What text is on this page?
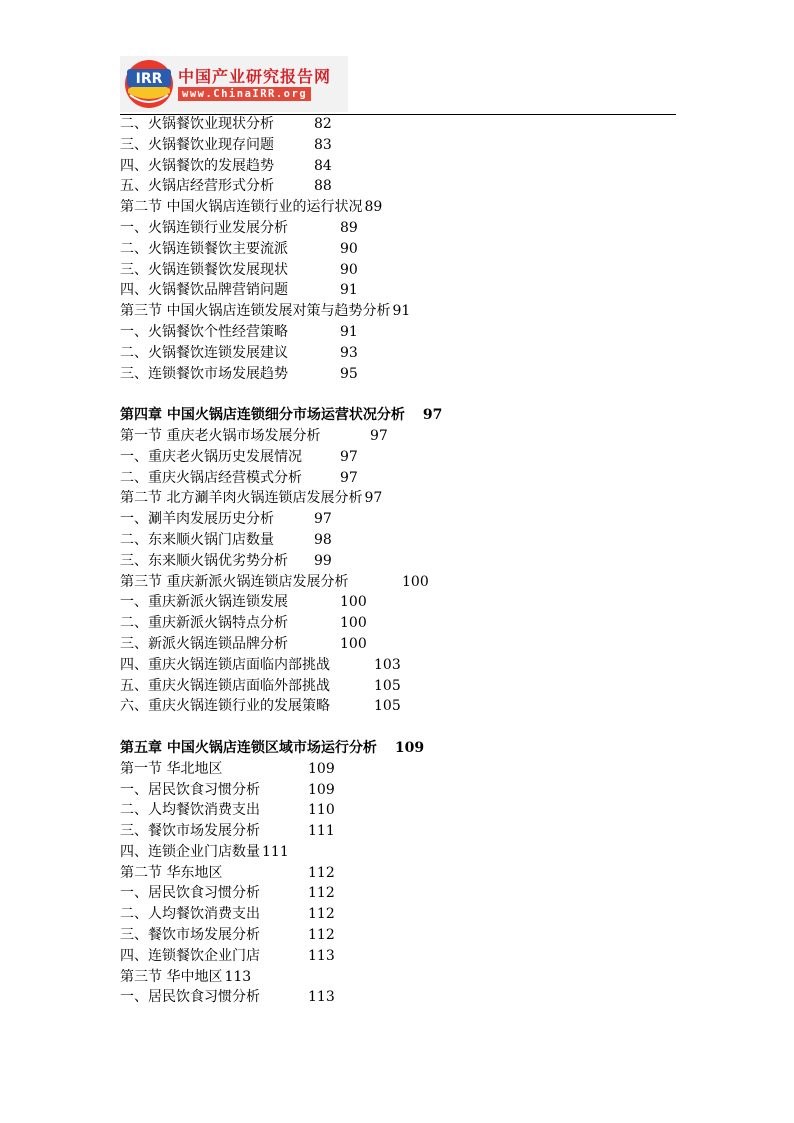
IRR 中国产业研究报告网
www.ChinaIRR.org
二、火锅餐饮业现状分析	82
三、火锅餐饮业现存问题	83
四、火锅餐饮的发展趋势	84
五、火锅店经营形式分析	88
第二节 中国火锅店连锁行业的运行状况 89
一、火锅连锁行业发展分析	89
二、火锅连锁餐饮主要流派	90
三、火锅连锁餐饮发展现状	90
四、火锅餐饮品牌营销问题	91
第三节 中国火锅店连锁发展对策与趋势分析 91
一、火锅餐饮个性经营策略	91
二、火锅餐饮连锁发展建议	93
三、连锁餐饮市场发展趋势	95
第四章 中国火锅店连锁细分市场运营状况分析 97
第一节 重庆老火锅市场发展分析	97
一、重庆老火锅历史发展情况	97
二、重庆火锅店经营模式分析	97
第二节 北方涮羊肉火锅连锁店发展分析 97
一、涮羊肉发展历史分析	97
二、东来顺火锅门店数量	98
三、东来顺火锅优劣势分析 99
第三节 重庆新派火锅连锁店发展分析	100
一、重庆新派火锅连锁发展	100
二、重庆新派火锅特点分析	100
三、新派火锅连锁品牌分析	100
四、重庆火锅连锁店面临内部挑战	103
五、重庆火锅连锁店面临外部挑战	105
六、重庆火锅连锁行业的发展策略	105
第五章 中国火锅店连锁区域市场运行分析 109
第一节 华北地区	109
一、居民饮食习惯分析	109
二、人均餐饮消费支出	110
三、餐饮市场发展分析	111
四、连锁企业门店数量 111
第二节 华东地区	112
一、居民饮食习惯分析	112
二、人均餐饮消费支出	112
三、餐饮市场发展分析	112
四、连锁餐饮企业门店	113
第三节 华中地区 113
一、居民饮食习惯分析	113
